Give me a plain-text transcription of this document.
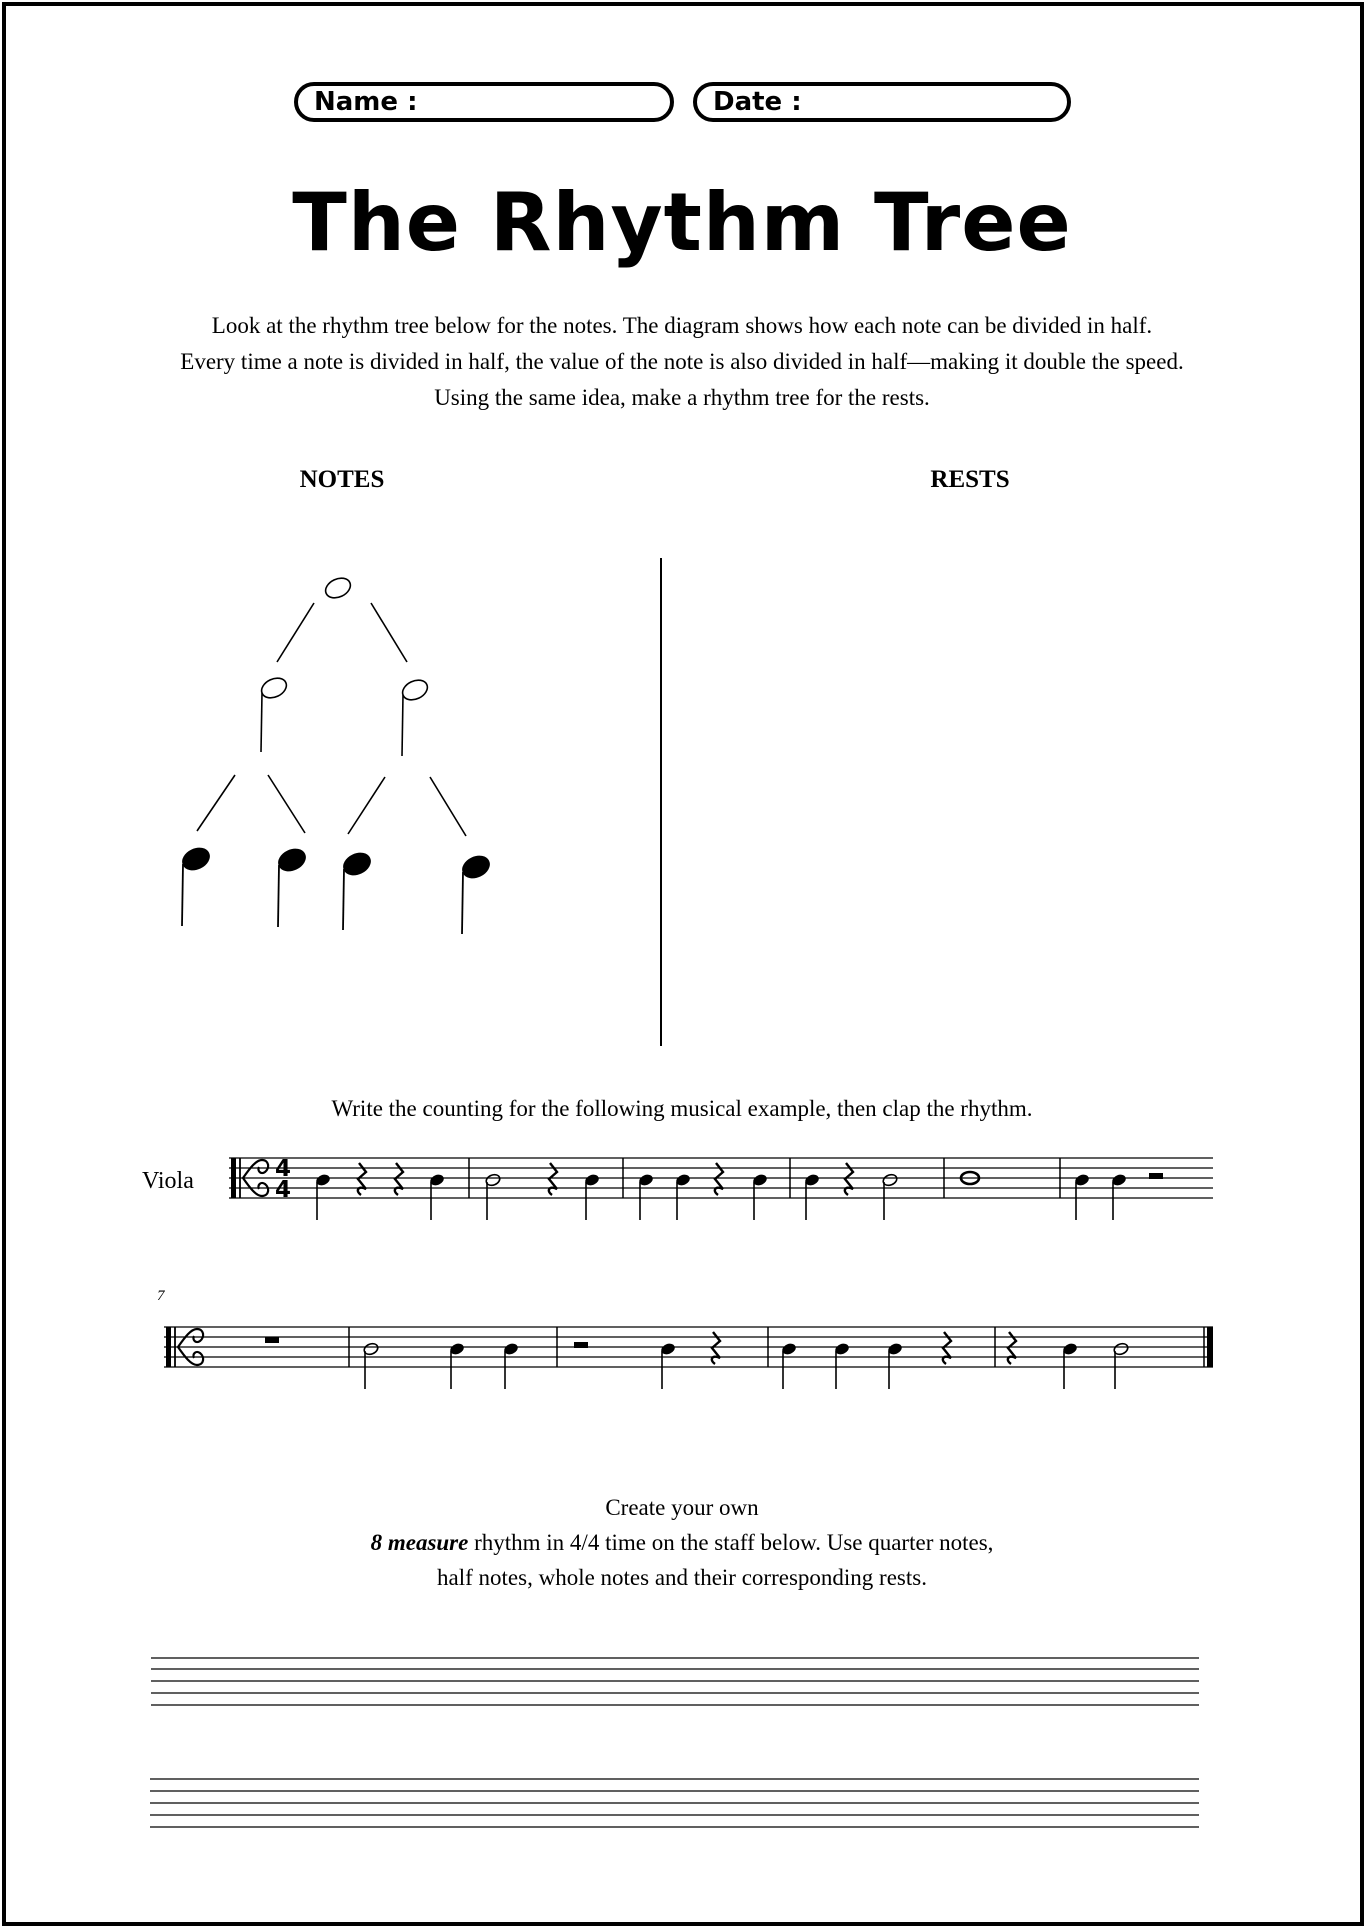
Name :	Date :
The Rhythm Tree
Look at the rhythm tree below for the notes. The diagram shows how each note can be divided in half.
Every time a note is divided in half, the value of the note is also divided in half—making it double the speed.
Using the same idea, make a rhythm tree for the rests.
NOTES	RESTS
Write the counting for the following musical example, then clap the rhythm.
Viola
7
Create your own
8 measure rhythm in 4/4 time on the staff below. Use quarter notes,
half notes, whole notes and their corresponding rests.
4
4
